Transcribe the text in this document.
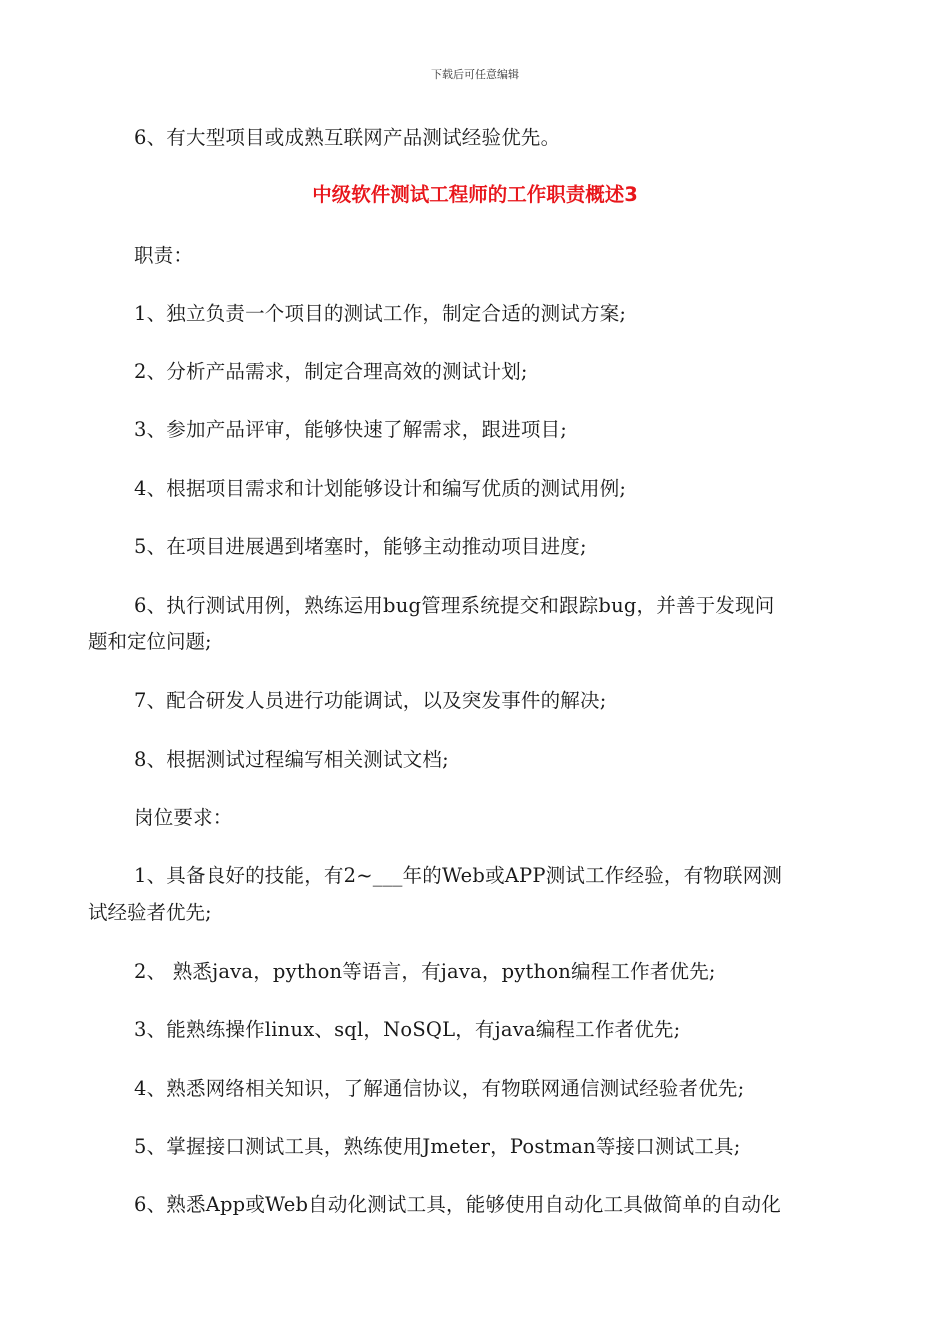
下载后可任意编辑
6、有大型项目或成熟互联网产品测试经验优先。
中级软件测试工程师的工作职责概述3
职责：
1、独立负责一个项目的测试工作，制定合适的测试方案;
2、分析产品需求，制定合理高效的测试计划;
3、参加产品评审，能够快速了解需求，跟进项目;
4、根据项目需求和计划能够设计和编写优质的测试用例;
5、在项目进展遇到堵塞时，能够主动推动项目进度;
6、执行测试用例，熟练运用bug管理系统提交和跟踪bug，并善于发现问
题和定位问题;
7、配合研发人员进行功能调试，以及突发事件的解决;
8、根据测试过程编写相关测试文档;
岗位要求：
1、具备良好的技能，有2~___年的Web或APP测试工作经验，有物联网测
试经验者优先;
2、 熟悉java，python等语言，有java，python编程工作者优先;
3、能熟练操作linux、sql，NoSQL，有java编程工作者优先;
4、熟悉网络相关知识，了解通信协议，有物联网通信测试经验者优先;
5、掌握接口测试工具，熟练使用Jmeter，Postman等接口测试工具;
6、熟悉App或Web自动化测试工具，能够使用自动化工具做简单的自动化
